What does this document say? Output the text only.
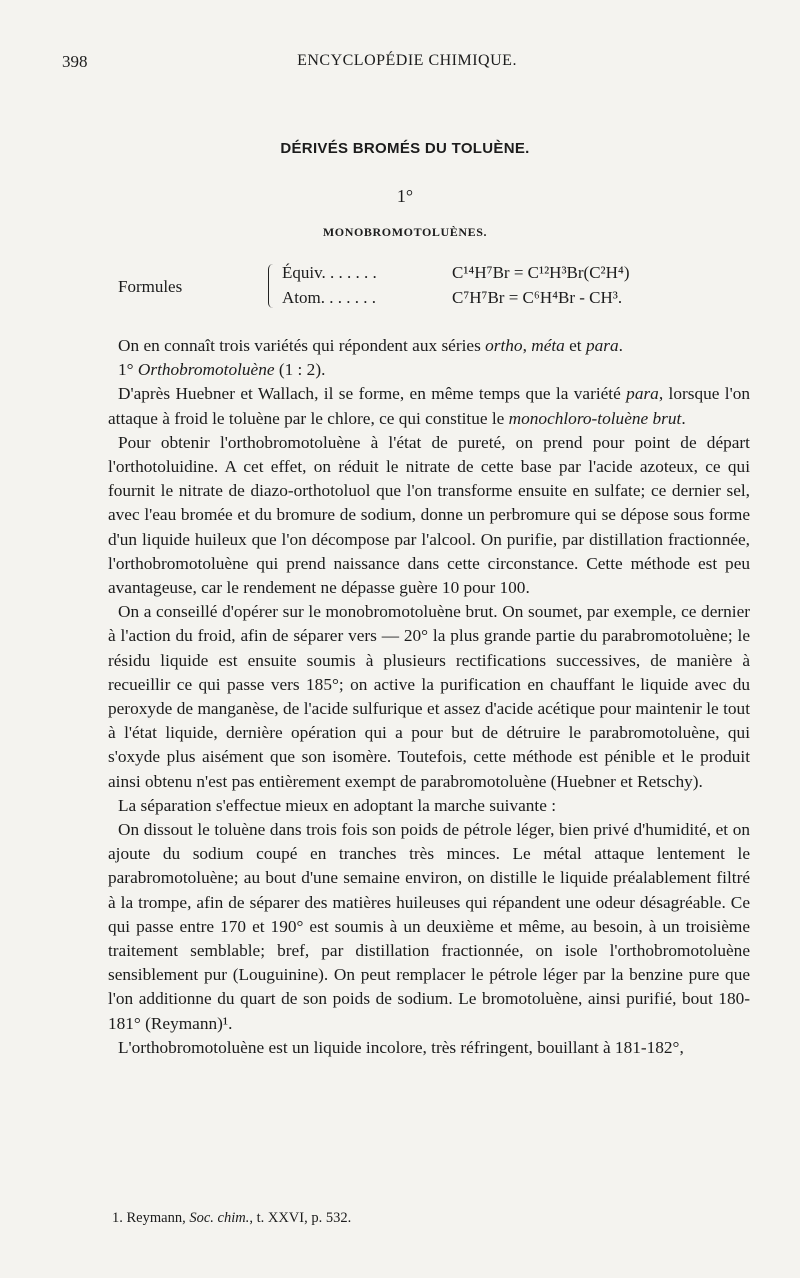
398	ENCYCLOPÉDIE CHIMIQUE.
DÉRIVÉS BROMÉS DU TOLUÈNE.
1°
MONOBROMOTOLUÈNES.
Formules
Équiv. . . . . . .	C¹⁴H⁷Br = C¹²H³Br(C²H⁴)
Atom. . . . . . .	C⁷H⁷Br = C⁶H⁴Br - CH³.

On en connaît trois variétés qui répondent aux séries ortho, méta et para.

1° Orthobromotoluène (1 : 2).

D'après Huebner et Wallach, il se forme, en même temps que la variété para, lorsque l'on attaque à froid le toluène par le chlore, ce qui constitue le monochloro-toluène brut.

Pour obtenir l'orthobromotoluène à l'état de pureté, on prend pour point de départ l'orthotoluidine. A cet effet, on réduit le nitrate de cette base par l'acide azoteux, ce qui fournit le nitrate de diazo-orthotoluol que l'on transforme ensuite en sulfate; ce dernier sel, avec l'eau bromée et du bromure de sodium, donne un perbromure qui se dépose sous forme d'un liquide huileux que l'on décompose par l'alcool. On purifie, par distillation fractionnée, l'orthobromotoluène qui prend naissance dans cette circonstance. Cette méthode est peu avantageuse, car le rendement ne dépasse guère 10 pour 100.

On a conseillé d'opérer sur le monobromotoluène brut. On soumet, par exemple, ce dernier à l'action du froid, afin de séparer vers — 20° la plus grande partie du parabromotoluène; le résidu liquide est ensuite soumis à plusieurs rectifications successives, de manière à recueillir ce qui passe vers 185°; on active la purification en chauffant le liquide avec du peroxyde de manganèse, de l'acide sulfurique et assez d'acide acétique pour maintenir le tout à l'état liquide, dernière opération qui a pour but de détruire le parabromotoluène, qui s'oxyde plus aisément que son isomère. Toutefois, cette méthode est pénible et le produit ainsi obtenu n'est pas entièrement exempt de parabromotoluène (Huebner et Retschy).

La séparation s'effectue mieux en adoptant la marche suivante :

On dissout le toluène dans trois fois son poids de pétrole léger, bien privé d'humidité, et on ajoute du sodium coupé en tranches très minces. Le métal attaque lentement le parabromotoluène; au bout d'une semaine environ, on distille le liquide préalablement filtré à la trompe, afin de séparer des matières huileuses qui répandent une odeur désagréable. Ce qui passe entre 170 et 190° est soumis à un deuxième et même, au besoin, à un troisième traitement semblable; bref, par distillation fractionnée, on isole l'orthobromotoluène sensiblement pur (Louguinine). On peut remplacer le pétrole léger par la benzine pure que l'on additionne du quart de son poids de sodium. Le bromotoluène, ainsi purifié, bout 180-181° (Reymann)¹.

L'orthobromotoluène est un liquide incolore, très réfringent, bouillant à 181-182°,

1. Reymann, Soc. chim., t. XXVI, p. 532.
